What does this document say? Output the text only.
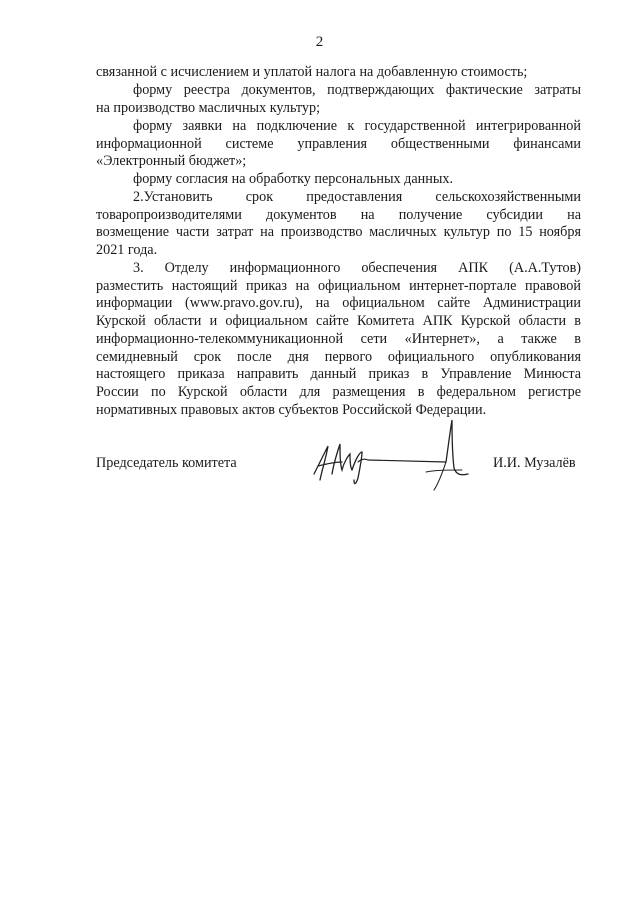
2
связанной с исчислением и уплатой налога на добавленную стоимость;
форму реестра документов, подтверждающих фактические затраты
на производство масличных культур;
форму заявки на подключение к государственной интегрированной
информационной системе управления общественными финансами
«Электронный бюджет»;
форму согласия на обработку персональных данных.
2.Установить срок предоставления сельскохозяйственными
товаропроизводителями документов на получение субсидии на
возмещение части затрат на производство масличных культур по 15 ноября
2021 года.
3. Отделу информационного обеспечения АПК (А.А.Тутов)
разместить настоящий приказ на официальном интернет-портале правовой
информации (www.pravo.gov.ru), на официальном сайте Администрации
Курской области и официальном сайте Комитета АПК Курской области в
информационно-телекоммуникационной сети «Интернет», а также в
семидневный срок после дня первого официального опубликования
настоящего приказа направить данный приказ в Управление Минюста
России по Курской области для размещения в федеральном регистре
нормативных правовых актов субъектов Российской Федерации.
Председатель комитета	И.И. Музалёв
